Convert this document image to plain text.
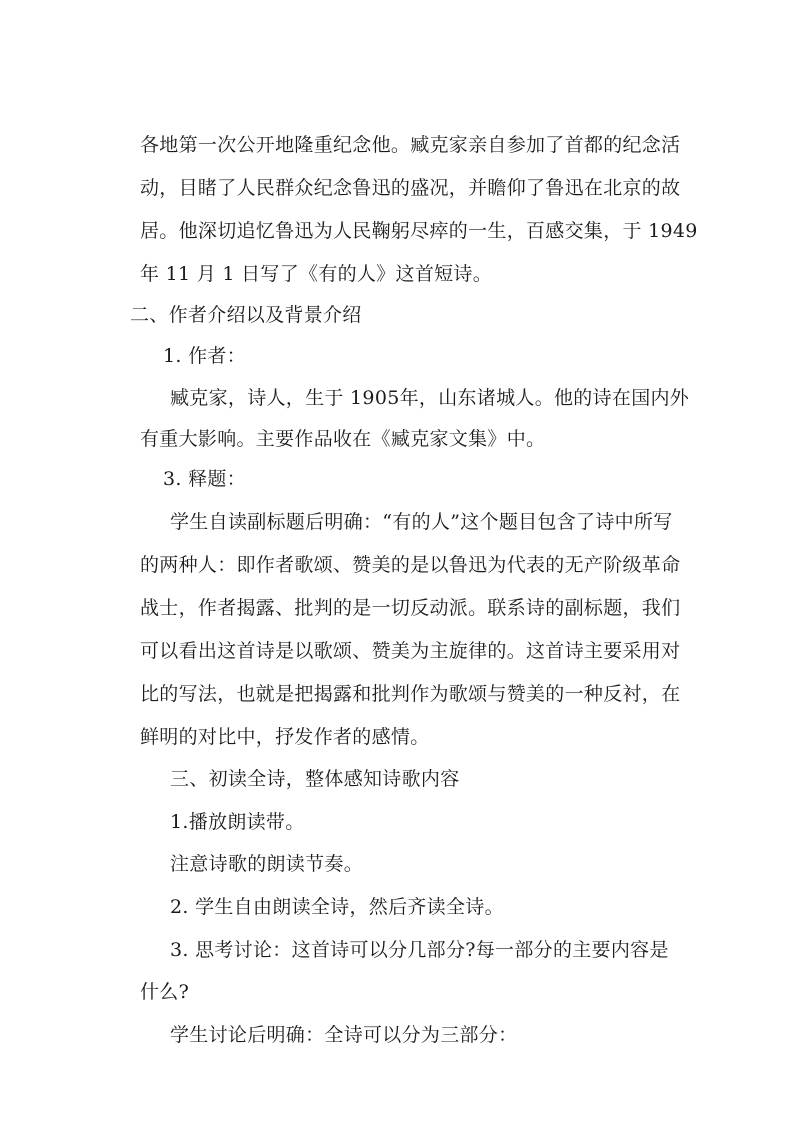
各地第一次公开地隆重纪念他。臧克家亲自参加了首都的纪念活
动，目睹了人民群众纪念鲁迅的盛况，并瞻仰了鲁迅在北京的故
居。他深切追忆鲁迅为人民鞠躬尽瘁的一生，百感交集，于 1949
年 11 月 1 日写了《有的人》这首短诗。
二、作者介绍以及背景介绍
1. 作者：
臧克家，诗人，生于 1905年，山东诸城人。他的诗在国内外
有重大影响。主要作品收在《臧克家文集》中。
3. 释题：
学生自读副标题后明确：“有的人”这个题目包含了诗中所写
的两种人：即作者歌颂、赞美的是以鲁迅为代表的无产阶级革命
战士，作者揭露、批判的是一切反动派。联系诗的副标题，我们
可以看出这首诗是以歌颂、赞美为主旋律的。这首诗主要采用对
比的写法，也就是把揭露和批判作为歌颂与赞美的一种反衬，在
鲜明的对比中，抒发作者的感情。
三、初读全诗，整体感知诗歌内容
1.播放朗读带。
注意诗歌的朗读节奏。
2. 学生自由朗读全诗，然后齐读全诗。
3. 思考讨论：这首诗可以分几部分?每一部分的主要内容是
什么?
学生讨论后明确：全诗可以分为三部分：
